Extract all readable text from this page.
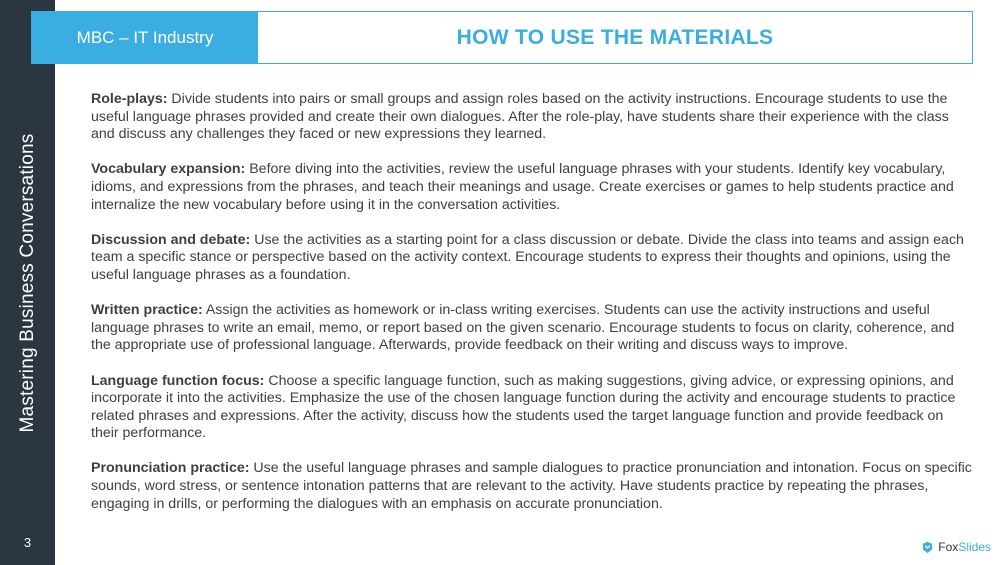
Mastering Business Conversations
3
MBC – IT Industry	HOW TO USE THE MATERIALS

Role-plays: Divide students into pairs or small groups and assign roles based on the activity instructions. Encourage students to use the useful language phrases provided and create their own dialogues. After the role-play, have students share their experience with the class and discuss any challenges they faced or new expressions they learned.

Vocabulary expansion: Before diving into the activities, review the useful language phrases with your students. Identify key vocabulary, idioms, and expressions from the phrases, and teach their meanings and usage. Create exercises or games to help students practice and internalize the new vocabulary before using it in the conversation activities.

Discussion and debate: Use the activities as a starting point for a class discussion or debate. Divide the class into teams and assign each team a specific stance or perspective based on the activity context. Encourage students to express their thoughts and opinions, using the useful language phrases as a foundation.

Written practice: Assign the activities as homework or in-class writing exercises. Students can use the activity instructions and useful language phrases to write an email, memo, or report based on the given scenario. Encourage students to focus on clarity, coherence, and the appropriate use of professional language. Afterwards, provide feedback on their writing and discuss ways to improve.

Language function focus: Choose a specific language function, such as making suggestions, giving advice, or expressing opinions, and incorporate it into the activities. Emphasize the use of the chosen language function during the activity and encourage students to practice related phrases and expressions. After the activity, discuss how the students used the target language function and provide feedback on their performance.

Pronunciation practice: Use the useful language phrases and sample dialogues to practice pronunciation and intonation. Focus on specific sounds, word stress, or sentence intonation patterns that are relevant to the activity. Have students practice by repeating the phrases, engaging in drills, or performing the dialogues with an emphasis on accurate pronunciation.

Fox Slides
